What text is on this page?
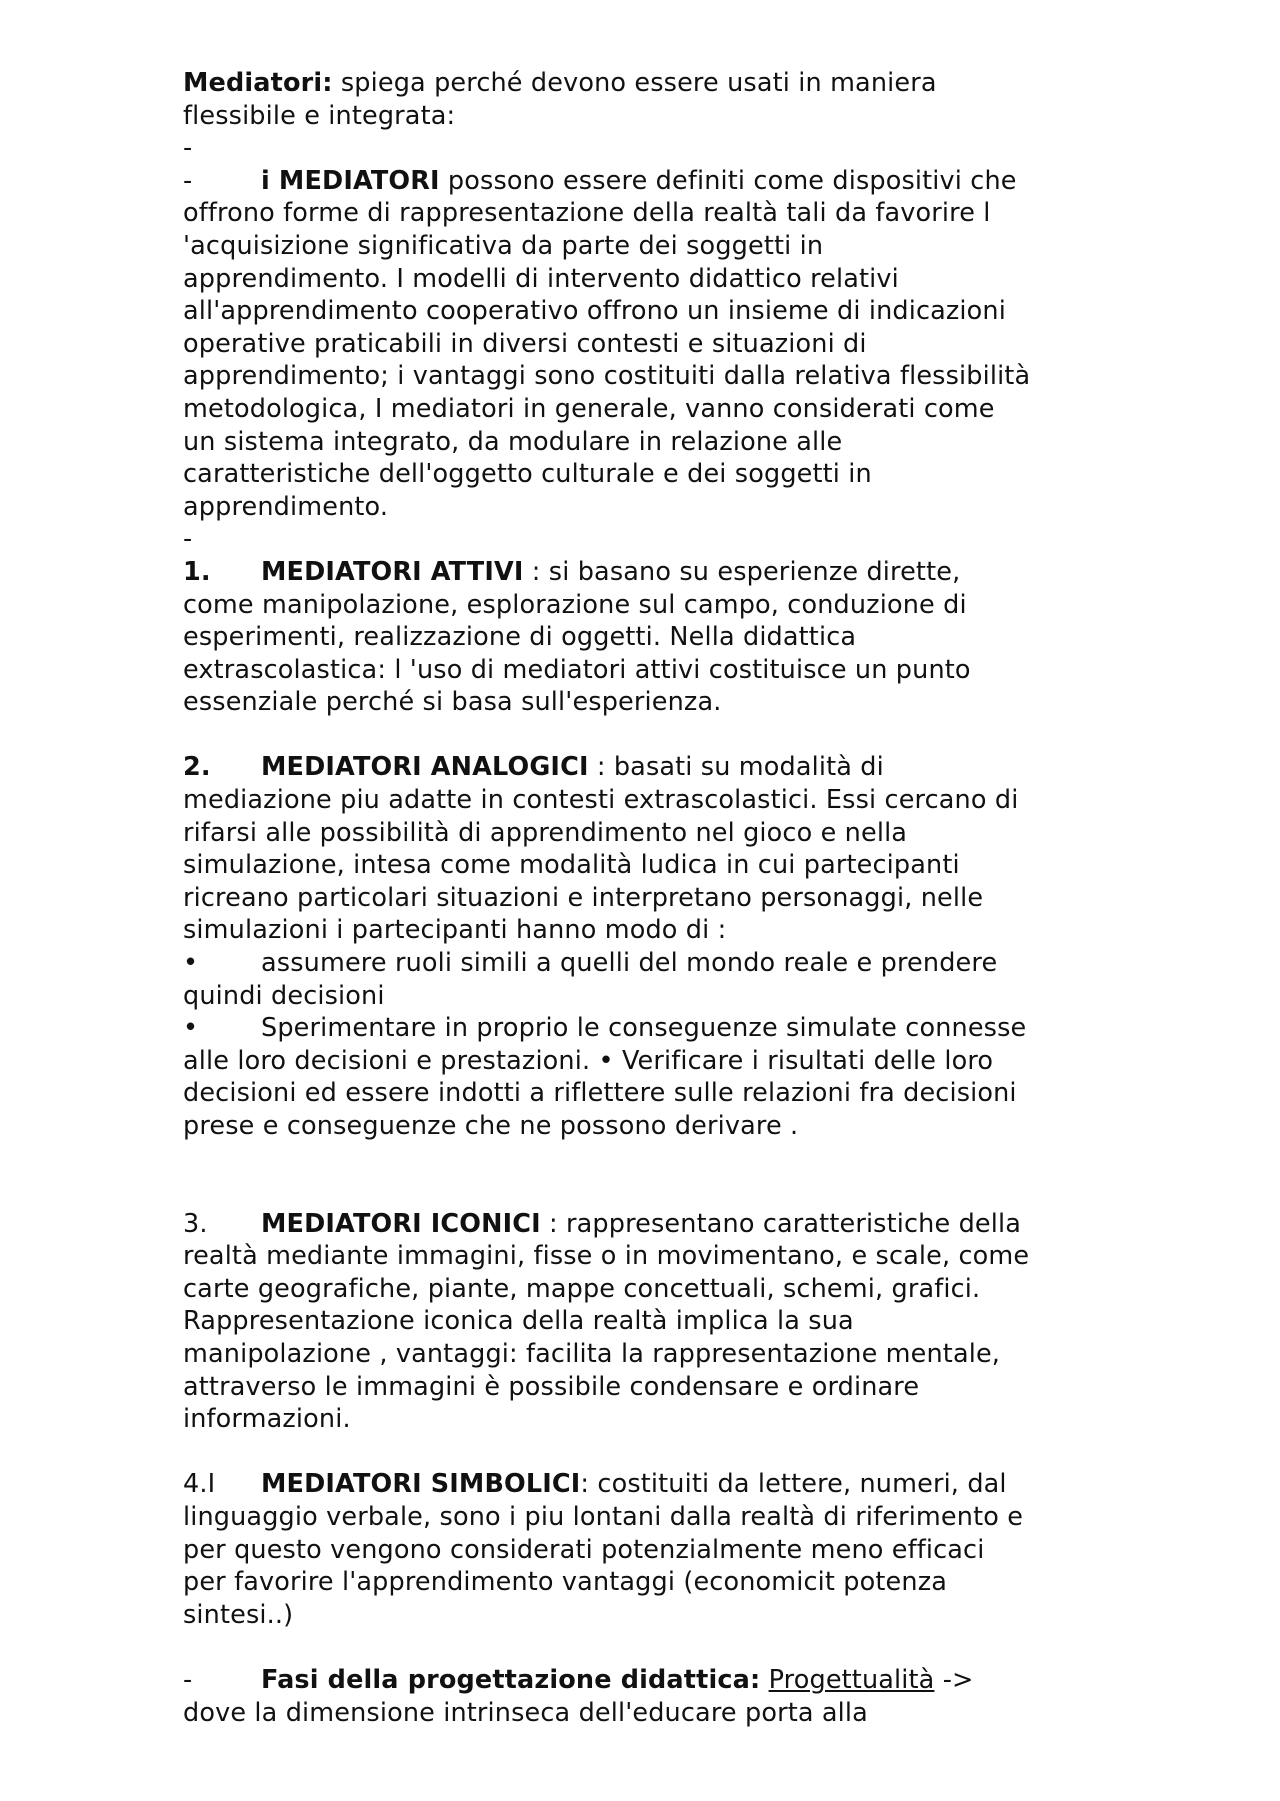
Mediatori: spiega perché devono essere usati in maniera
flessibile e integrata:
-
-	i MEDIATORI possono essere definiti come dispositivi che
offrono forme di rappresentazione della realtà tali da favorire l
'acquisizione significativa da parte dei soggetti in
apprendimento. I modelli di intervento didattico relativi
all'apprendimento cooperativo offrono un insieme di indicazioni
operative praticabili in diversi contesti e situazioni di
apprendimento; i vantaggi sono costituiti dalla relativa flessibilità
metodologica, I mediatori in generale, vanno considerati come
un sistema integrato, da modulare in relazione alle
caratteristiche dell'oggetto culturale e dei soggetti in
apprendimento.
-
1. MEDIATORI ATTIVI : si basano su esperienze dirette,
come manipolazione, esplorazione sul campo, conduzione di
esperimenti, realizzazione di oggetti. Nella didattica
extrascolastica: l 'uso di mediatori attivi costituisce un punto
essenziale perché si basa sull'esperienza.
2. MEDIATORI ANALOGICI : basati su modalità di
mediazione piu adatte in contesti extrascolastici. Essi cercano di
rifarsi alle possibilità di apprendimento nel gioco e nella
simulazione, intesa come modalità ludica in cui partecipanti
ricreano particolari situazioni e interpretano personaggi, nelle
simulazioni i partecipanti hanno modo di :
• assumere ruoli simili a quelli del mondo reale e prendere
quindi decisioni
• Sperimentare in proprio le conseguenze simulate connesse
alle loro decisioni e prestazioni. • Verificare i risultati delle loro
decisioni ed essere indotti a riflettere sulle relazioni fra decisioni
prese e conseguenze che ne possono derivare .
3. MEDIATORI ICONICI : rappresentano caratteristiche della
realtà mediante immagini, fisse o in movimentano, e scale, come
carte geografiche, piante, mappe concettuali, schemi, grafici.
Rappresentazione iconica della realtà implica la sua
manipolazione , vantaggi: facilita la rappresentazione mentale,
attraverso le immagini è possibile condensare e ordinare
informazioni.
4.I MEDIATORI SIMBOLICI: costituiti da lettere, numeri, dal
linguaggio verbale, sono i piu lontani dalla realtà di riferimento e
per questo vengono considerati potenzialmente meno efficaci
per favorire l'apprendimento vantaggi (economicit potenza
sintesi..)
-	Fasi della progettazione didattica: Progettualità ->
dove la dimensione intrinseca dell'educare porta alla
